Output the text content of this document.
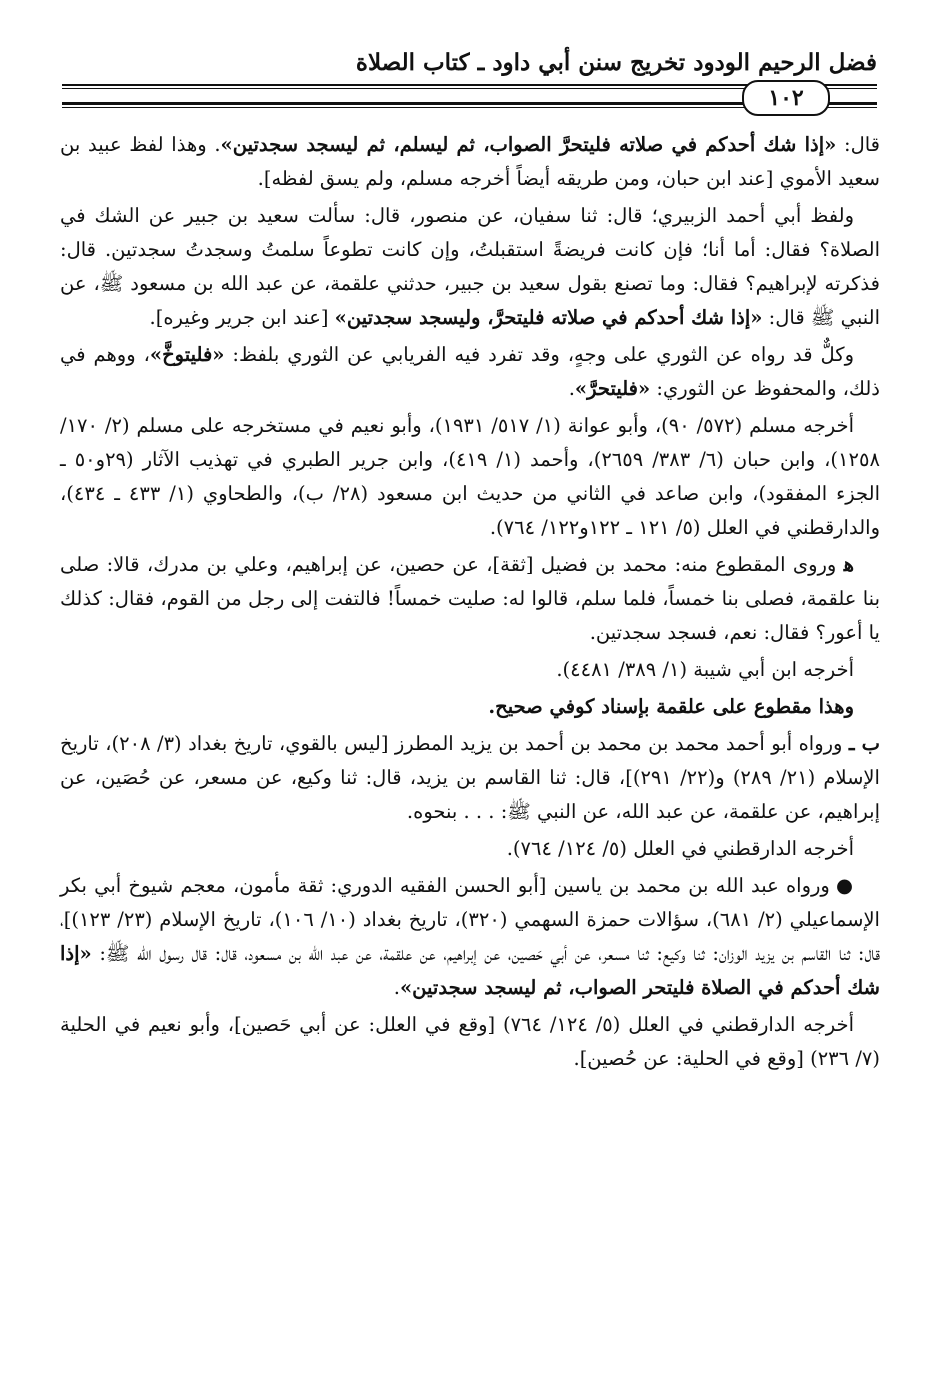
فضل الرحيم الودود تخريج سنن أبي داود ـ كتاب الصلاة
١٠٢

قال: «إذا شك أحدكم في صلاته فليتحرَّ الصواب، ثم ليسلم، ثم ليسجد سجدتين». وهذا لفظ عبيد بن سعيد الأموي [عند ابن حبان، ومن طريقه أيضاً أخرجه مسلم، ولم يسق لفظه].

ولفظ أبي أحمد الزبيري؛ قال: ثنا سفيان، عن منصور، قال: سألت سعيد بن جبير عن الشك في الصلاة؟ فقال: أما أنا؛ فإن كانت فريضةً استقبلتُ، وإن كانت تطوعاً سلمتُ وسجدتُ سجدتين. قال: فذكرته لإبراهيم؟ فقال: وما تصنع بقول سعيد بن جبير، حدثني علقمة، عن عبد الله بن مسعود ﷺ، عن النبي ﷺ قال: «إذا شك أحدكم في صلاته فليتحرَّ، وليسجد سجدتين» [عند ابن جرير وغيره].

وكلٌّ قد رواه عن الثوري على وجهٍ، وقد تفرد فيه الفريابي عن الثوري بلفظ: «فليتوخَّ»، ووهم في ذلك، والمحفوظ عن الثوري: «فليتحرَّ».

أخرجه مسلم (٥٧٢/ ٩٠)، وأبو عوانة (١/ ٥١٧/ ١٩٣١)، وأبو نعيم في مستخرجه على مسلم (٢/ ١٧٠/ ١٢٥٨)، وابن حبان (٦/ ٣٨٣/ ٢٦٥٩)، وأحمد (١/ ٤١٩)، وابن جرير الطبري في تهذيب الآثار (٢٩و٥٠ ـ الجزء المفقود)، وابن صاعد في الثاني من حديث ابن مسعود (٢٨/ ب)، والطحاوي (١/ ٤٣٣ ـ ٤٣٤)، والدارقطني في العلل (٥/ ١٢١ ـ ١٢٢و١٢٢/ ٧٦٤).

ﻫ وروى المقطوع منه: محمد بن فضيل [ثقة]، عن حصين، عن إبراهيم، وعلي بن مدرك، قالا: صلى بنا علقمة، فصلى بنا خمساً، فلما سلم، قالوا له: صليت خمساً! فالتفت إلى رجل من القوم، فقال: كذلك يا أعور؟ فقال: نعم، فسجد سجدتين.

أخرجه ابن أبي شيبة (١/ ٣٨٩/ ٤٤٨١).

وهذا مقطوع على علقمة بإسناد كوفي صحيح.

ب ـ ورواه أبو أحمد محمد بن محمد بن أحمد بن يزيد المطرز [ليس بالقوي، تاريخ بغداد (٣/ ٢٠٨)، تاريخ الإسلام (٢١/ ٢٨٩) و(٢٢/ ٢٩١)]، قال: ثنا القاسم بن يزيد، قال: ثنا وكيع، عن مسعر، عن حُصَين، عن إبراهيم، عن علقمة، عن عبد الله، عن النبي ﷺ: . . . بنحوه.

أخرجه الدارقطني في العلل (٥/ ١٢٤/ ٧٦٤).

● ورواه عبد الله بن محمد بن ياسين [أبو الحسن الفقيه الدوري: ثقة مأمون، معجم شيوخ أبي بكر الإسماعيلي (٢/ ٦٨١)، سؤالات حمزة السهمي (٣٢٠)، تاريخ بغداد (١٠/ ١٠٦)، تاريخ الإسلام (٢٣/ ١٢٣)]، قال: ثنا القاسم بن يزيد الوزان: ثنا وكيع: ثنا مسعر، عن أبي حَصين، عن إبراهيم، عن علقمة، عن عبد الله بن مسعود، قال: قال رسول الله ﷺ: «إذا شك أحدكم في الصلاة فليتحر الصواب، ثم ليسجد سجدتين».

أخرجه الدارقطني في العلل (٥/ ١٢٤/ ٧٦٤) [وقع في العلل: عن أبي حَصين]، وأبو نعيم في الحلية (٧/ ٢٣٦) [وقع في الحلية: عن حُصين].
